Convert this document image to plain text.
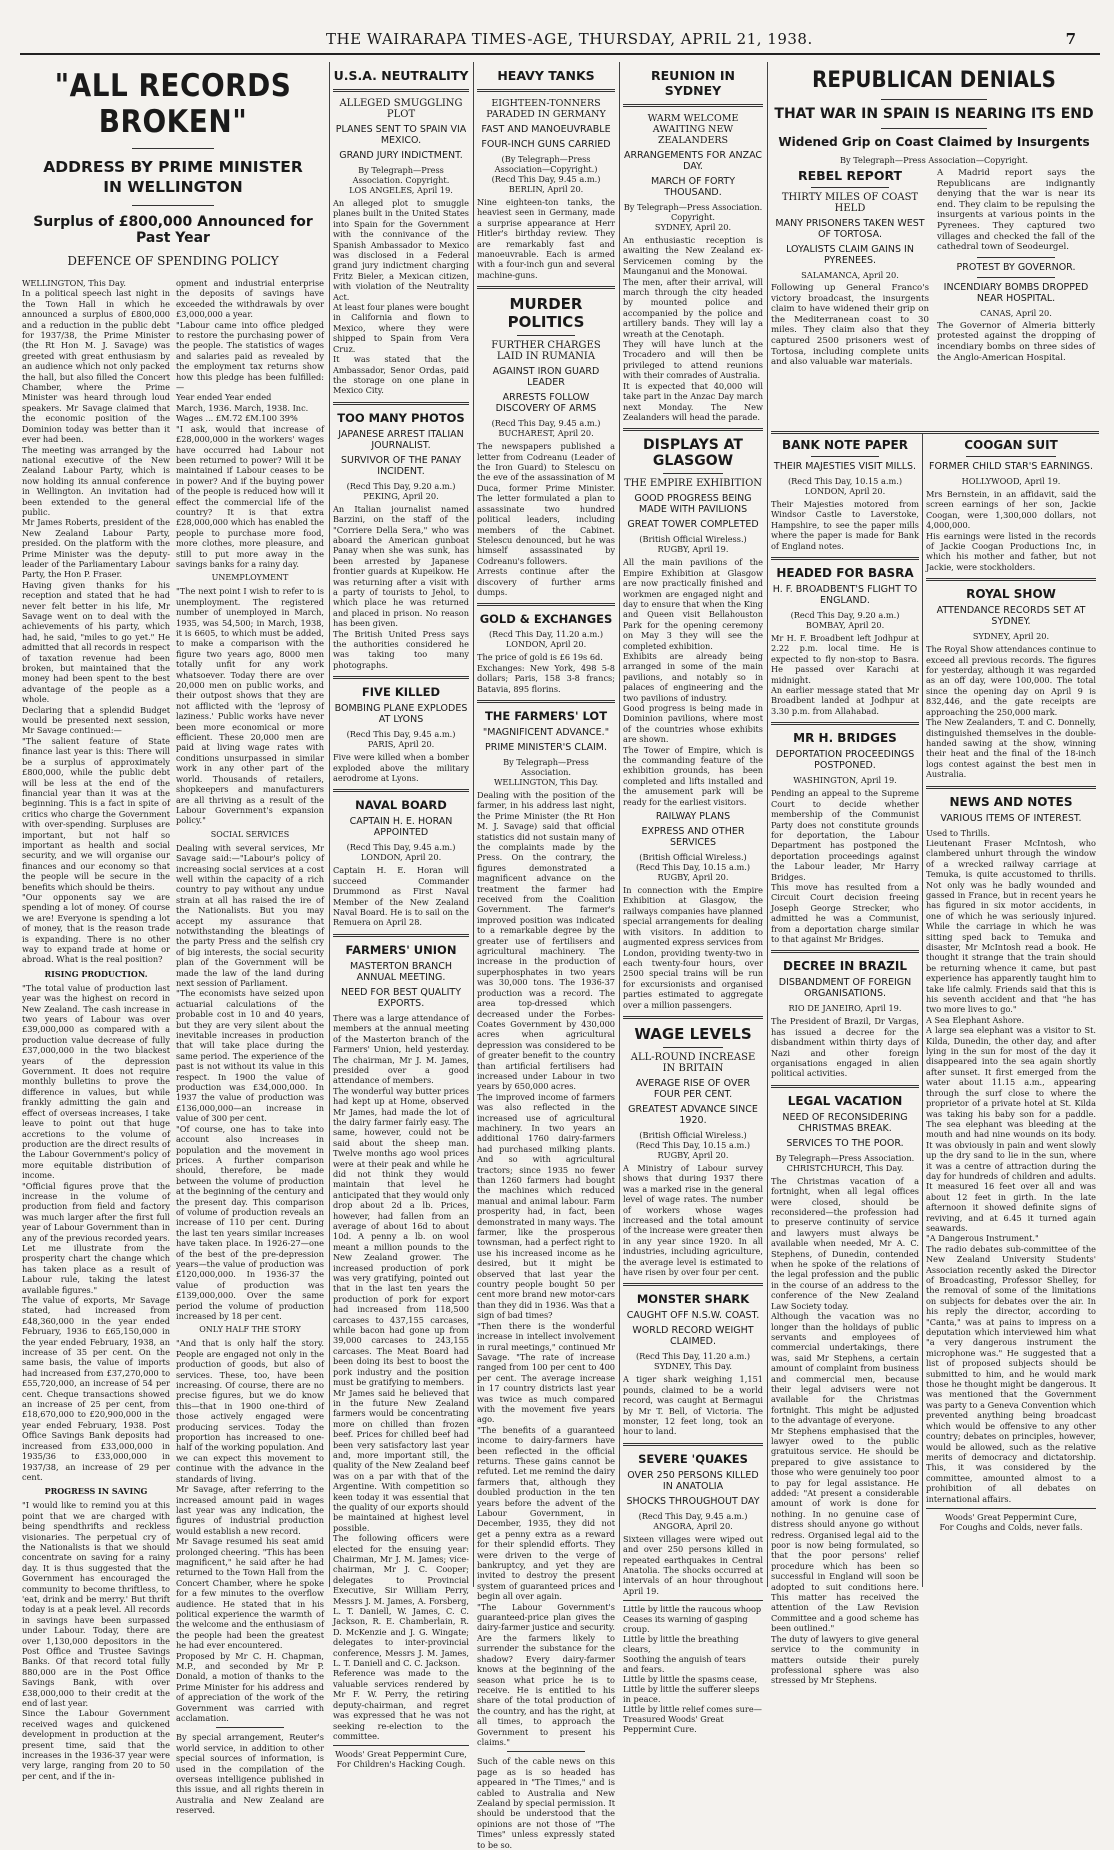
THE WAIRARAPA TIMES-AGE, THURSDAY, APRIL 21, 1938.	7
"ALL RECORDS BROKEN"
ADDRESS BY PRIME MINISTER IN WELLINGTON
Surplus of £800,000 Announced for Past Year
DEFENCE OF SPENDING POLICY
WELLINGTON, This Day.
In a political speech last night in the Town Hall in which he announced a surplus of £800,000 and a reduction in the public debt for 1937/38, the Prime Minister (the Rt Hon M. J. Savage) was greeted with great enthusiasm by an audience which not only packed the hall, but also filled the Concert Chamber, where the Prime Minister was heard through loud speakers. Mr Savage claimed that the economic position of the Dominion today was better than it ever had been.
The meeting was arranged by the national executive of the New Zealand Labour Party, which is now holding its annual conference in Wellington. An invitation had been extended to the general public.
Mr James Roberts, president of the New Zealand Labour Party, presided. On the platform with the Prime Minister was the deputy-leader of the Parliamentary Labour Party, the Hon P. Fraser.
Having given thanks for his reception and stated that he had never felt better in his life, Mr Savage went on to deal with the achievements of his party, which had, he said, "miles to go yet." He admitted that all records in respect of taxation revenue had been broken, but maintained that the money had been spent to the best advantage of the people as a whole.
Declaring that a splendid Budget would be presented next session, Mr Savage continued:—
"The salient feature of State finance last year is this: There will be a surplus of approximately £800,000, while the public debt will be less at the end of the financial year than it was at the beginning. This is a fact in spite of critics who charge the Government with over-spending. Surpluses are important, but not half so important as health and social security, and we will organise our finances and our economy so that the people will be secure in the benefits which should be theirs.
"Our opponents say we are spending a lot of money. Of course we are! Everyone is spending a lot of money, that is the reason trade is expanding. There is no other way to expand trade at home or abroad. What is the real position?
RISING PRODUCTION.
"The total value of production last year was the highest on record in New Zealand. The cash increase in two years of Labour was over £39,000,000 as compared with a production value decrease of fully £37,000,000 in the two blackest years of the depression Government. It does not require monthly bulletins to prove the difference in values, but while frankly admitting the gain and effect of overseas increases, I take leave to point out that huge accretions to the volume of production are the direct results of the Labour Government's policy of more equitable distribution of income.
"Official figures prove that the increase in the volume of production from field and factory was much larger after the first full year of Labour Government than in any of the previous recorded years. Let me illustrate from the prosperity chart the change which has taken place as a result of Labour rule, taking the latest available figures."
The value of exports, Mr Savage stated, had increased from £48,360,000 in the year ended February, 1936 to £65,150,000 in the year ended February, 1938, an increase of 35 per cent. On the same basis, the value of imports had increased from £37,270,000 to £55,720,000, an increase of 54 per cent. Cheque transactions showed an increase of 25 per cent, from £18,670,000 to £20,900,000 in the year ended February, 1938. Post Office Savings Bank deposits had increased from £33,000,000 in 1935/36 to £33,000,000 in 1937/38, an increase of 29 per cent.
PROGRESS IN SAVING
"I would like to remind you at this point that we are charged with being spendthrifts and reckless visionaries. The perpetual cry of the Nationalists is that we should concentrate on saving for a rainy day. It is thus suggested that the Government has encouraged the community to become thriftless, to 'eat, drink and be merry.' But thrift today is at a peak level. All records in savings have been surpassed under Labour. Today, there are over 1,130,000 depositors in the Post Office and Trustee Savings Banks. Of that record total fully 880,000 are in the Post Office Savings Bank, with over £38,000,000 to their credit at the end of last year.
Since the Labour Government received wages and quickened development in production at the present time, said that the increases in the 1936-37 year were very large, ranging from 20 to 50 per cent, and if the in-
opment and industrial enterprise the deposits of savings have exceeded the withdrawals by over £3,000,000 a year.
"Labour came into office pledged to restore the purchasing power of the people. The statistics of wages and salaries paid as revealed by the employment tax returns show how this pledge has been fulfilled:—
Year ended Year ended
March, 1936. March, 1938. Inc.
Wages ... £M.72 £M.100 39%
"I ask, would that increase of £28,000,000 in the workers' wages have occurred had Labour not been returned to power? Will it be maintained if Labour ceases to be in power? And if the buying power of the people is reduced how will it effect the commercial life of the country? It is that extra £28,000,000 which has enabled the people to purchase more food, more clothes, more pleasure, and still to put more away in the savings banks for a rainy day.
UNEMPLOYMENT
"The next point I wish to refer to is unemployment. The registered number of unemployed in March, 1935, was 54,500; in March, 1938, it is 6605, to which must be added, to make a comparison with the figure two years ago, 8000 men totally unfit for any work whatsoever. Today there are over 20,000 men on public works, and their outpost shows that they are not afflicted with the 'leprosy of laziness.' Public works have never been more economical or more efficient. These 20,000 men are paid at living wage rates with conditions unsurpassed in similar work in any other part of the world. Thousands of retailers, shopkeepers and manufacturers are all thriving as a result of the Labour Government's expansion policy."
SOCIAL SERVICES
Dealing with several services, Mr Savage said:—"Labour's policy of increasing social services at a cost well within the capacity of a rich country to pay without any undue strain at all has raised the ire of the Nationalists. But you may accept my assurance that notwithstanding the bleatings of the party Press and the selfish cry of big interests, the social security plan of the Government will be made the law of the land during next session of Parliament.
"The economists have seized upon actuarial calculations of the probable cost in 10 and 40 years, but they are very silent about the inevitable increases in production that will take place during the same period. The experience of the past is not without its value in this respect. In 1900 the value of production was £34,000,000. In 1937 the value of production was £136,000,000—an increase in value of 300 per cent.
"Of course, one has to take into account also increases in population and the movement in prices. A further comparison should, therefore, be made between the volume of production at the beginning of the century and the present day. This comparison of volume of production reveals an increase of 110 per cent. During the last ten years similar increases have taken place. In 1926-27—one of the best of the pre-depression years—the value of production was £120,000,000. In 1936-37 the value of production was £139,000,000. Over the same period the volume of production increased by 18 per cent.
ONLY HALF THE STORY
"And that is only half the story. People are engaged not only in the production of goods, but also of services. These, too, have been increasing. Of course, there are no precise figures, but we do know this—that in 1900 one-third of those actively engaged were producing services. Today the proportion has increased to one-half of the working population. And we can expect this movement to continue with the advance in the standards of living.
Mr Savage, after referring to the increased amount paid in wages last year was any indication, the figures of industrial production would establish a new record.
Mr Savage resumed his seat amid prolonged cheering. "This has been magnificent," he said after he had returned to the Town Hall from the Concert Chamber, where he spoke for a few minutes to the overflow audience. He stated that in his political experience the warmth of the welcome and the enthusiasm of the people had been the greatest he had ever encountered.
Proposed by Mr C. H. Chapman, M.P., and seconded by Mr P. Donald, a motion of thanks to the Prime Minister for his address and of appreciation of the work of the Government was carried with acclamation.
By special arrangement, Reuter's world service, in addition to other special sources of information, is used in the compilation of the overseas intelligence published in this issue, and all rights therein in Australia and New Zealand are reserved.
U.S.A. NEUTRALITY
ALLEGED SMUGGLING PLOT
PLANES SENT TO SPAIN VIA MEXICO.
GRAND JURY INDICTMENT.
By Telegraph—Press Association. Copyright.
LOS ANGELES, April 19.
An alleged plot to smuggle planes built in the United States into Spain for the Government with the connivance of the Spanish Ambassador to Mexico was disclosed in a Federal grand jury indictment charging Fritz Bieler, a Mexican citizen, with violation of the Neutrality Act.
At least four planes were bought in California and flown to Mexico, where they were shipped to Spain from Vera Cruz.
It was stated that the Ambassador, Senor Ordas, paid the storage on one plane in Mexico City.
TOO MANY PHOTOS
JAPANESE ARREST ITALIAN JOURNALIST.
SURVIVOR OF THE PANAY INCIDENT.
(Recd This Day, 9.20 a.m.)
PEKING, April 20.
An Italian journalist named Barzini, on the staff of the "Corriere Della Sera," who was aboard the American gunboat Panay when she was sunk, has been arrested by Japanese frontier guards at Kupeikow. He was returning after a visit with a party of tourists to Jehol, to which place he was returned and placed in prison. No reason has been given.
The British United Press says the authorities considered he was taking too many photographs.
FIVE KILLED
BOMBING PLANE EXPLODES AT LYONS
(Recd This Day, 9.45 a.m.)
PARIS, April 20.
Five were killed when a bomber exploded above the military aerodrome at Lyons.
NAVAL BOARD
CAPTAIN H. E. HORAN APPOINTED
(Recd This Day, 9.45 a.m.)
LONDON, April 20.
Captain H. E. Horan will succeed Commander Drummond as First Naval Member of the New Zealand Naval Board. He is to sail on the Remuera on April 28.
FARMERS' UNION
MASTERTON BRANCH ANNUAL MEETING.
NEED FOR BEST QUALITY EXPORTS.
There was a large attendance of members at the annual meeting of the Masterton branch of the Farmers' Union, held yesterday. The chairman, Mr J. M. James, presided over a good attendance of members.
The wonderful way butter prices had kept up at Home, observed Mr James, had made the lot of the dairy farmer fairly easy. The same, however, could not be said about the sheep man. Twelve months ago wool prices were at their peak and while he did not think they would maintain that level he anticipated that they would only drop about 2d a lb. Prices, however, had fallen from an average of about 16d to about 10d. A penny a lb. on wool meant a million pounds to the New Zealand grower. The increased production of pork was very gratifying, pointed out that in the last ten years the production of pork for export had increased from 118,500 carcases to 437,155 carcases, while bacon had gone up from 39,000 carcases to 243,155 carcases. The Meat Board had been doing its best to boost the pork industry and the position must be gratifying to members.
Mr James said he believed that in the future New Zealand farmers would be concentrating more on chilled than frozen beef. Prices for chilled beef had been very satisfactory last year and, more important still, the quality of the New Zealand beef was on a par with that of the Argentine. With competition so keen today it was essential that the quality of our exports should be maintained at highest level possible.
The following officers were elected for the ensuing year: Chairman, Mr J. M. James; vice-chairman, Mr J. C. Cooper; delegates to Provincial Executive, Sir William Perry, Messrs J. M. James, A. Forsberg, L. T. Daniell, W. James, C. C. Jackson, R. E. Chamberlain, R. D. McKenzie and J. G. Wingate; delegates to inter-provincial conference, Messrs J. M. James, L. T. Daniell and C. C. Jackson.
Reference was made to the valuable services rendered by Mr F. W. Perry, the retiring deputy-chairman, and regret was expressed that he was not seeking re-election to the committee.
Woods' Great Peppermint Cure,
For Children's Hacking Cough.
HEAVY TANKS
EIGHTEEN-TONNERS PARADED IN GERMANY
FAST AND MANOEUVRABLE
FOUR-INCH GUNS CARRIED
(By Telegraph—Press Association—Copyright.)
(Recd This Day, 9.45 a.m.)
BERLIN, April 20.
Nine eighteen-ton tanks, the heaviest seen in Germany, made a surprise appearance at Herr Hitler's birthday review. They are remarkably fast and manoeuvrable. Each is armed with a four-inch gun and several machine-guns.
MURDER POLITICS
FURTHER CHARGES LAID IN RUMANIA
AGAINST IRON GUARD LEADER
ARRESTS FOLLOW DISCOVERY OF ARMS
(Recd This Day, 9.45 a.m.)
BUCHAREST, April 20.
The newspapers published a letter from Codreanu (Leader of the Iron Guard) to Stelescu on the eve of the assassination of M Duca, former Prime Minister. The letter formulated a plan to assassinate two hundred political leaders, including members of the Cabinet. Stelescu denounced, but he was himself assassinated by Codreanu's followers.
Arrests continue after the discovery of further arms dumps.
GOLD & EXCHANGES
(Recd This Day, 11.20 a.m.)
LONDON, April 20.
The price of gold is £6 19s 6d.
Exchanges: New York, 498 5-8 dollars; Paris, 158 3-8 francs; Batavia, 895 florins.
THE FARMERS' LOT
"MAGNIFICENT ADVANCE."
PRIME MINISTER'S CLAIM.
By Telegraph—Press Association.
WELLINGTON, This Day.
Dealing with the position of the farmer, in his address last night, the Prime Minister (the Rt Hon M. J. Savage) said that official statistics did not sustain many of the complaints made by the Press. On the contrary, the figures demonstrated a magnificent advance on the treatment the farmer had received from the Coalition Government. The farmer's improved position was indicated to a remarkable degree by the greater use of fertilisers and agricultural machinery. The increase in the production of superphosphates in two years was 30,000 tons. The 1936-37 production was a record. The area top-dressed which decreased under the Forbes-Coates Government by 430,000 acres when agricultural depression was considered to be of greater benefit to the country than artificial fertilisers had increased under Labour in two years by 650,000 acres.
The improved income of farmers was also reflected in the increased use of agricultural machinery. In two years an additional 1760 dairy-farmers had purchased milking plants. And so with agricultural tractors; since 1935 no fewer than 1260 farmers had bought the machines which reduced manual and animal labour. Farm prosperity had, in fact, been demonstrated in many ways. The farmer, like the prosperous townsman, had a perfect right to use his increased income as he desired, but it might be observed that last year the country people bought 50 per cent more brand new motor-cars than they did in 1936. Was that a sign of bad times?
"Then there is the wonderful increase in intellect involvement in rural meetings," continued Mr Savage. "The rate of increase ranged from 100 per cent to 400 per cent. The average increase in 17 country districts last year was twice as much compared with the movement five years ago.
"The benefits of a guaranteed income to dairy-farmers have been reflected in the official returns. These gains cannot be refuted. Let me remind the dairy farmers that, although they doubled production in the ten years before the advent of the Labour Government, in December, 1935, they did not get a penny extra as a reward for their splendid efforts. They were driven to the verge of bankruptcy, and yet they are invited to destroy the present system of guaranteed prices and begin all over again.
"The Labour Government's guaranteed-price plan gives the dairy-farmer justice and security. Are the farmers likely to surrender the substance for the shadow? Every dairy-farmer knows at the beginning of the season what price he is to receive. He is entitled to his share of the total production of the country, and has the right, at all times, to approach the Government to present his claims."
Such of the cable news on this page as is so headed has appeared in "The Times," and is cabled to Australia and New Zealand by special permission. It should be understood that the opinions are not those of "The Times" unless expressly stated to be so.
REUNION IN SYDNEY
WARM WELCOME AWAITING NEW ZEALANDERS
ARRANGEMENTS FOR ANZAC DAY.
MARCH OF FORTY THOUSAND.
By Telegraph—Press Association. Copyright.
SYDNEY, April 20.
An enthusiastic reception is awaiting the New Zealand ex-Servicemen coming by the Maunganui and the Monowai.
The men, after their arrival, will march through the city headed by mounted police and accompanied by the police and artillery bands. They will lay a wreath at the Cenotaph.
They will have lunch at the Trocadero and will then be privileged to attend reunions with their comrades of Australia.
It is expected that 40,000 will take part in the Anzac Day march next Monday. The New Zealanders will head the parade.
DISPLAYS AT GLASGOW
THE EMPIRE EXHIBITION
GOOD PROGRESS BEING MADE WITH PAVILIONS
GREAT TOWER COMPLETED
(British Official Wireless.)
RUGBY, April 19.
All the main pavilions of the Empire Exhibition at Glasgow are now practically finished and workmen are engaged night and day to ensure that when the King and Queen visit Bellahouston Park for the opening ceremony on May 3 they will see the completed exhibition.
Exhibits are already being arranged in some of the main pavilions, and notably so in palaces of engineering and the two pavilions of industry.
Good progress is being made in Dominion pavilions, where most of the countries whose exhibits are shown.
The Tower of Empire, which is the commanding feature of the exhibition grounds, has been completed and lifts installed and the amusement park will be ready for the earliest visitors.
RAILWAY PLANS
EXPRESS AND OTHER SERVICES
(British Official Wireless.)
(Recd This Day, 10.15 a.m.)
RUGBY, April 20.
In connection with the Empire Exhibition at Glasgow, the railways companies have planned special arrangements for dealing with visitors. In addition to augmented express services from London, providing twenty-two in each twenty-four hours, over 2500 special trains will be run for excursionists and organised parties estimated to aggregate over a million passengers.
WAGE LEVELS
ALL-ROUND INCREASE IN BRITAIN
AVERAGE RISE OF OVER FOUR PER CENT.
GREATEST ADVANCE SINCE 1920.
(British Official Wireless.)
(Recd This Day, 10.15 a.m.)
RUGBY, April 20.
A Ministry of Labour survey shows that during 1937 there was a marked rise in the general level of wage rates. The number of workers whose wages increased and the total amount of the increase were greater then in any year since 1920. In all industries, including agriculture, the average level is estimated to have risen by over four per cent.
MONSTER SHARK
CAUGHT OFF N.S.W. COAST.
WORLD RECORD WEIGHT CLAIMED.
(Recd This Day, 11.20 a.m.)
SYDNEY, This Day.
A tiger shark weighing 1,151 pounds, claimed to be a world record, was caught at Bermagui by Mr T. Bell, of Victoria. The monster, 12 feet long, took an hour to land.
SEVERE 'QUAKES
OVER 250 PERSONS KILLED IN ANATOLIA
SHOCKS THROUGHOUT DAY
(Recd This Day, 9.45 a.m.)
ANGORA, April 20.
Sixteen villages were wiped out and over 250 persons killed in repeated earthquakes in Central Anatolia. The shocks occurred at intervals of an hour throughout April 19.
Little by little the raucous whoop
Ceases its warning of gasping croup.
Little by little the breathing clears,
Soothing the anguish of tears and fears.
Little by little the spasms cease,
Little by little the sufferer sleeps in peace.
Little by little relief comes sure—
Treasured Woods' Great Peppermint Cure.
REPUBLICAN DENIALS
THAT WAR IN SPAIN IS NEARING ITS END
Widened Grip on Coast Claimed by Insurgents
By Telegraph—Press Association—Copyright.
REBEL REPORT
THIRTY MILES OF COAST HELD
MANY PRISONERS TAKEN WEST OF TORTOSA.
LOYALISTS CLAIM GAINS IN PYRENEES.
SALAMANCA, April 20.
Following up General Franco's victory broadcast, the insurgents claim to have widened their grip on the Mediterranean coast to 30 miles. They claim also that they captured 2500 prisoners west of Tortosa, including complete units and also valuable war materials.
A Madrid report says the Republicans are indignantly denying that the war is near its end. They claim to be repulsing the insurgents at various points in the Pyrenees. They captured two villages and checked the fall of the cathedral town of Seodeurgel.
PROTEST BY GOVERNOR.
INCENDIARY BOMBS DROPPED NEAR HOSPITAL.
CANAS, April 20.
The Governor of Almeria bitterly protested against the dropping of incendiary bombs on three sides of the Anglo-American Hospital.
BANK NOTE PAPER
THEIR MAJESTIES VISIT MILLS.
(Recd This Day, 10.15 a.m.)
LONDON, April 20.
Their Majesties motored from Windsor Castle to Laverstoke, Hampshire, to see the paper mills where the paper is made for Bank of England notes.
HEADED FOR BASRA
H. F. BROADBENT'S FLIGHT TO ENGLAND.
(Recd This Day, 9.20 a.m.)
BOMBAY, April 20.
Mr H. F. Broadbent left Jodhpur at 2.22 p.m. local time. He is expected to fly non-stop to Basra. He passed over Karachi at midnight.
An earlier message stated that Mr Broadbent landed at Jodhpur at 3.30 p.m. from Allahabad.
MR H. BRIDGES
DEPORTATION PROCEEDINGS POSTPONED.
WASHINGTON, April 19.
Pending an appeal to the Supreme Court to decide whether membership of the Communist Party does not constitute grounds for deportation, the Labour Department has postponed the deportation proceedings against the Labour leader, Mr Harry Bridges.
This move has resulted from a Circuit Court decision freeing Joseph George Strecker, who admitted he was a Communist, from a deportation charge similar to that against Mr Bridges.
DECREE IN BRAZIL
DISBANDMENT OF FOREIGN ORGANISATIONS.
RIO DE JANEIRO, April 19.
The President of Brazil, Dr Vargas, has issued a decree for the disbandment within thirty days of Nazi and other foreign organisations engaged in alien political activities.
LEGAL VACATION
NEED OF RECONSIDERING CHRISTMAS BREAK.
SERVICES TO THE POOR.
By Telegraph—Press Association.
CHRISTCHURCH, This Day.
The Christmas vacation of a fortnight, when all legal offices were closed, should be reconsidered—the profession had to preserve continuity of service and lawyers must always be available when needed, Mr A. C. Stephens, of Dunedin, contended when he spoke of the relations of the legal profession and the public in the course of an address to the conference of the New Zealand Law Society today.
Although the vacation was no longer than the holidays of public servants and employees of commercial undertakings, there was, said Mr Stephens, a certain amount of complaint from business and commercial men, because their legal advisers were not available for the Christmas fortnight. This might be adjusted to the advantage of everyone.
Mr Stephens emphasised that the lawyer owed to the public gratuitous service. He should be prepared to give assistance to those who were genuinely too poor to pay for legal assistance. He added: "At present a considerable amount of work is done for nothing. In no genuine case of distress should anyone go without redress. Organised legal aid to the poor is now being formulated, so that the poor persons' relief procedure which has been so successful in England will soon be adopted to suit conditions here. This matter has received the attention of the Law Revision Committee and a good scheme has been outlined."
The duty of lawyers to give general service to the community in matters outside their purely professional sphere was also stressed by Mr Stephens.
COOGAN SUIT
FORMER CHILD STAR'S EARNINGS.
HOLLYWOOD, April 19.
Mrs Bernstein, in an affidavit, said the screen earnings of her son, Jackie Coogan, were 1,300,000 dollars, not 4,000,000.
His earnings were listed in the records of Jackie Coogan Productions Inc, in which his mother and father, but not Jackie, were stockholders.
ROYAL SHOW
ATTENDANCE RECORDS SET AT SYDNEY.
SYDNEY, April 20.
The Royal Show attendances continue to exceed all previous records. The figures for yesterday, although it was regarded as an off day, were 100,000. The total since the opening day on April 9 is 832,446, and the gate receipts are approaching the 250,000 mark.
The New Zealanders, T. and C. Donnelly, distinguished themselves in the double-handed sawing at the show, winning their heat and the final of the 18-inch logs contest against the best men in Australia.
NEWS AND NOTES
VARIOUS ITEMS OF INTEREST.
Used to Thrills.
Lieutenant Fraser McIntosh, who clambered unhurt through the window of a wrecked railway carriage at Temuka, is quite accustomed to thrills. Not only was he badly wounded and gassed in France, but in recent years he has figured in six motor accidents, in one of which he was seriously injured. While the carriage in which he was sitting sped back to Temuka and disaster, Mr McIntosh read a book. He thought it strange that the train should be returning whence it came, but past experience has apparently taught him to take life calmly. Friends said that this is his seventh accident and that "he has two more lives to go."
A Sea Elephant Ashore.
A large sea elephant was a visitor to St. Kilda, Dunedin, the other day, and after lying in the sun for most of the day it disappeared into the sea again shortly after sunset. It first emerged from the water about 11.15 a.m., appearing through the surf close to where the proprietor of a private hotel at St. Kilda was taking his baby son for a paddle. The sea elephant was bleeding at the mouth and had nine wounds on its body. It was obviously in pain and went slowly up the dry sand to lie in the sun, where it was a centre of attraction during the day for hundreds of children and adults. It measured 16 feet over all and was about 12 feet in girth. In the late afternoon it showed definite signs of reviving, and at 6.45 it turned again seawards.
"A Dangerous Instrument."
The radio debates sub-committee of the New Zealand University Students' Association recently asked the Director of Broadcasting, Professor Shelley, for the removal of some of the limitations on subjects for debates over the air. In his reply the director, according to "Canta," was at pains to impress on a deputation which interviewed him what "a very dangerous instrument the microphone was." He suggested that a list of proposed subjects should be submitted to him, and he would mark those he thought might be dangerous. It was mentioned that the Government was party to a Geneva Convention which prevented anything being broadcast which would be offensive to any other country; debates on principles, however, would be allowed, such as the relative merits of democracy and dictatorship. This, it was considered by the committee, amounted almost to a prohibition of all debates on international affairs.
Woods' Great Peppermint Cure,
For Coughs and Colds, never fails.
